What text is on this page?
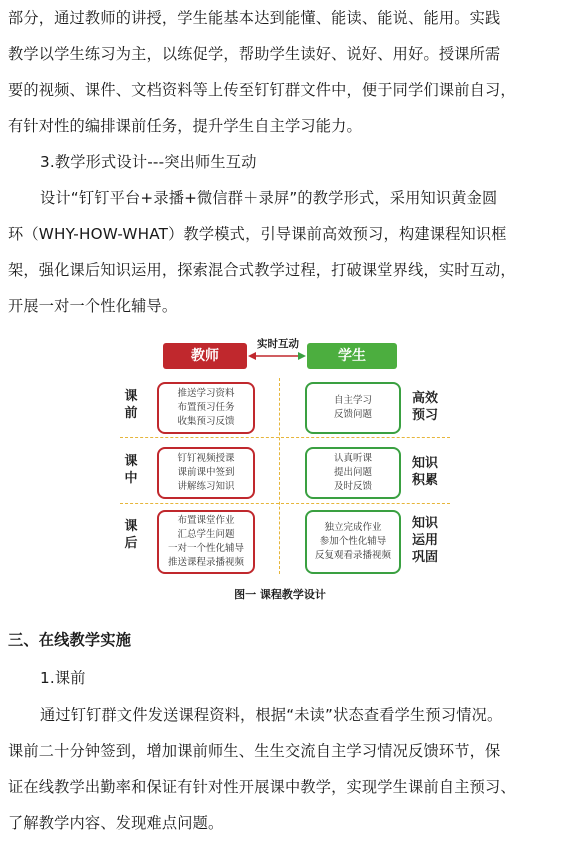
部分，通过教师的讲授，学生能基本达到能懂、能读、能说、能用。实践
教学以学生练习为主，以练促学，帮助学生读好、说好、用好。授课所需
要的视频、课件、文档资料等上传至钉钉群文件中，便于同学们课前自习，
有针对性的编排课前任务，提升学生自主学习能力。
3.教学形式设计---突出师生互动
设计“钉钉平台+录播+微信群＋录屏”的教学形式，采用知识黄金圆
环（WHY-HOW-WHAT）教学模式，引导课前高效预习，构建课程知识框
架，强化课后知识运用，探索混合式教学过程，打破课堂界线，实时互动，
开展一对一个性化辅导。
教师	学生
实时互动
课
前
课
中
课
后
高效
预习
知识
积累
知识
运用
巩固
推送学习资料
布置预习任务
收集预习反馈
钉钉视频授课
课前课中签到
讲解练习知识
布置课堂作业
汇总学生问题
一对一个性化辅导
推送课程录播视频
自主学习
反馈问题
认真听课
提出问题
及时反馈
独立完成作业
参加个性化辅导
反复观看录播视频
图一 课程教学设计
三、在线教学实施
1.课前
通过钉钉群文件发送课程资料，根据“未读”状态查看学生预习情况。
课前二十分钟签到，增加课前师生、生生交流自主学习情况反馈环节，保
证在线教学出勤率和保证有针对性开展课中教学，实现学生课前自主预习、
了解教学内容、发现难点问题。
